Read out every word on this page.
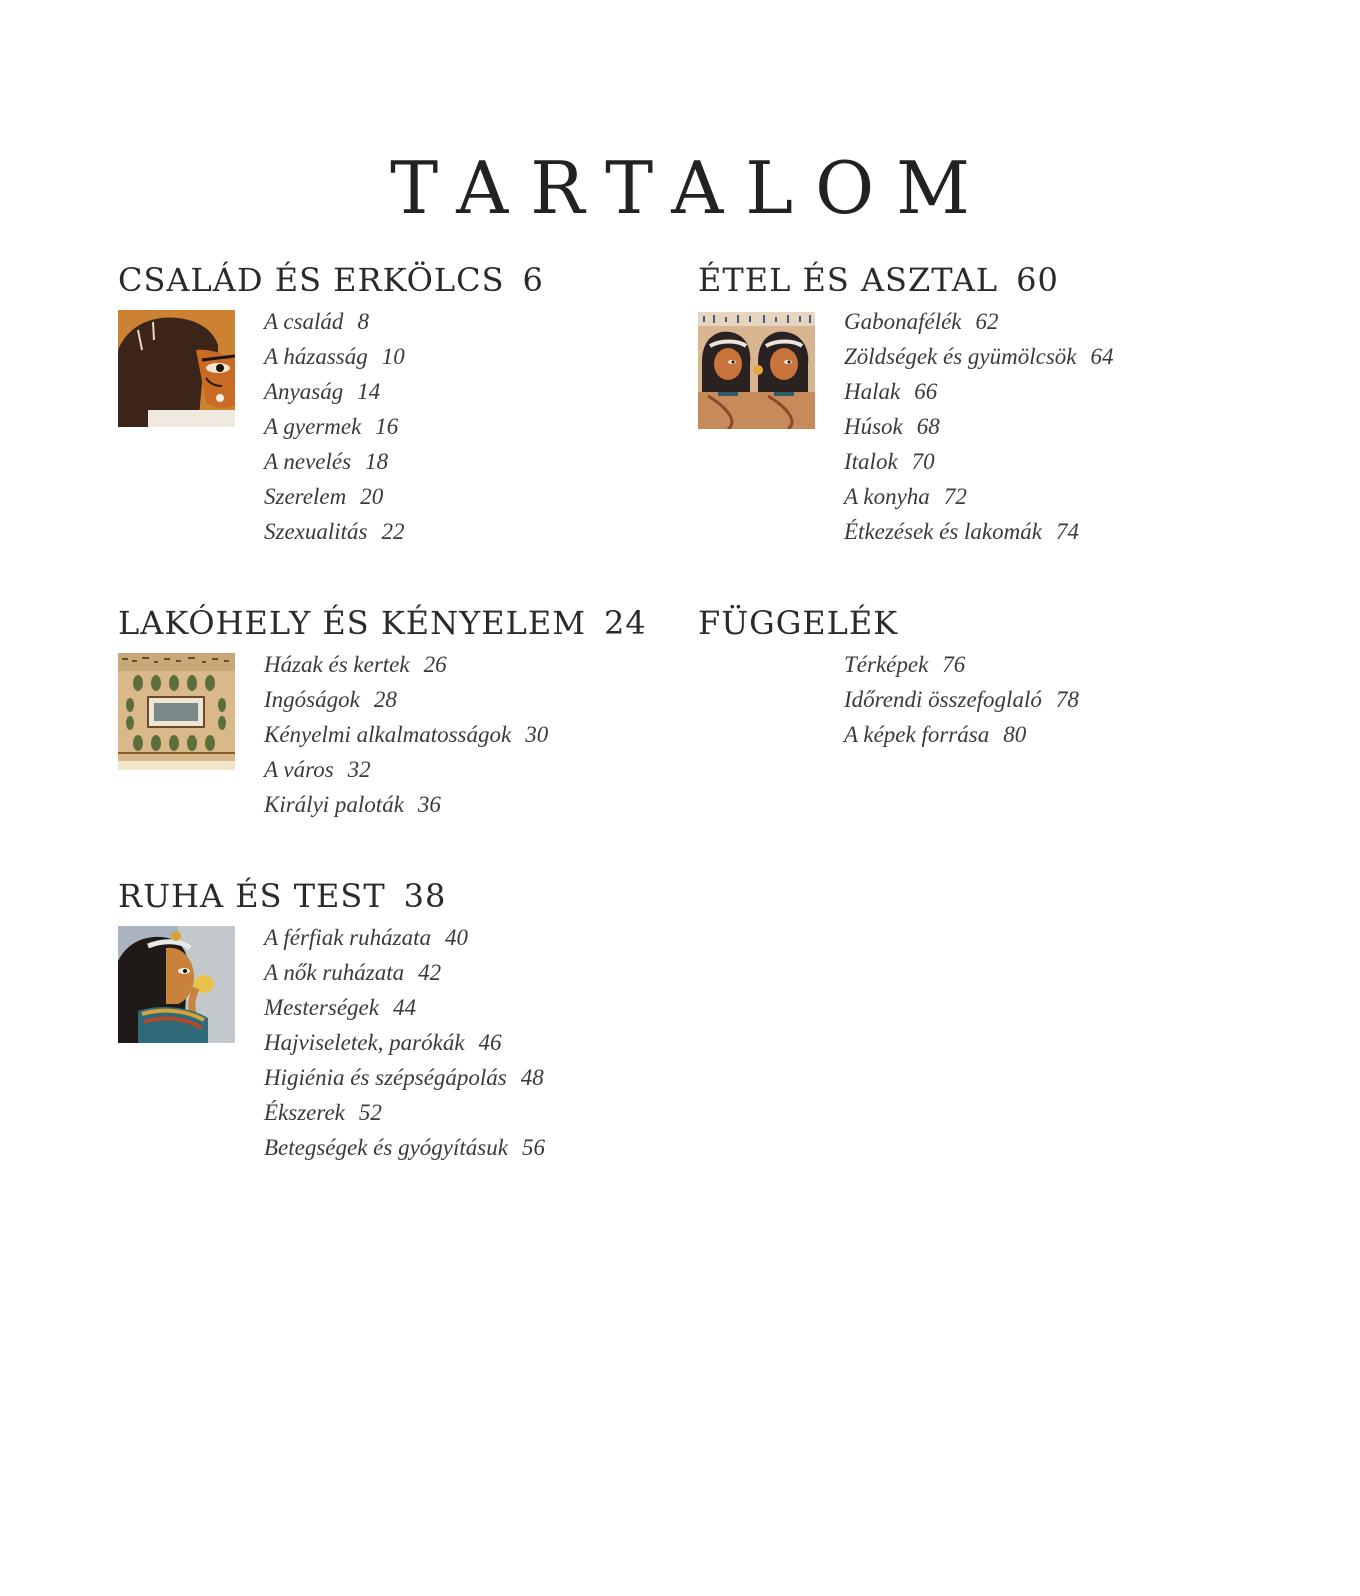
TARTALOM
CSALÁD ÉS ERKÖLCS 6
A család 8
A házasság 10
Anyaság 14
A gyermek 16
A nevelés 18
Szerelem 20
Szexualitás 22
LAKÓHELY ÉS KÉNYELEM 24
Házak és kertek 26
Ingóságok 28
Kényelmi alkalmatosságok 30
A város 32
Királyi paloták 36
RUHA ÉS TEST 38
A férfiak ruházata 40
A nők ruházata 42
Mesterségek 44
Hajviseletek, parókák 46
Higiénia és szépségápolás 48
Ékszerek 52
Betegségek és gyógyításuk 56
ÉTEL ÉS ASZTAL 60
Gabonafélék 62
Zöldségek és gyümölcsök 64
Halak 66
Húsok 68
Italok 70
A konyha 72
Étkezések és lakomák 74
FÜGGELÉK
Térképek 76
Időrendi összefoglaló 78
A képek forrása 80
